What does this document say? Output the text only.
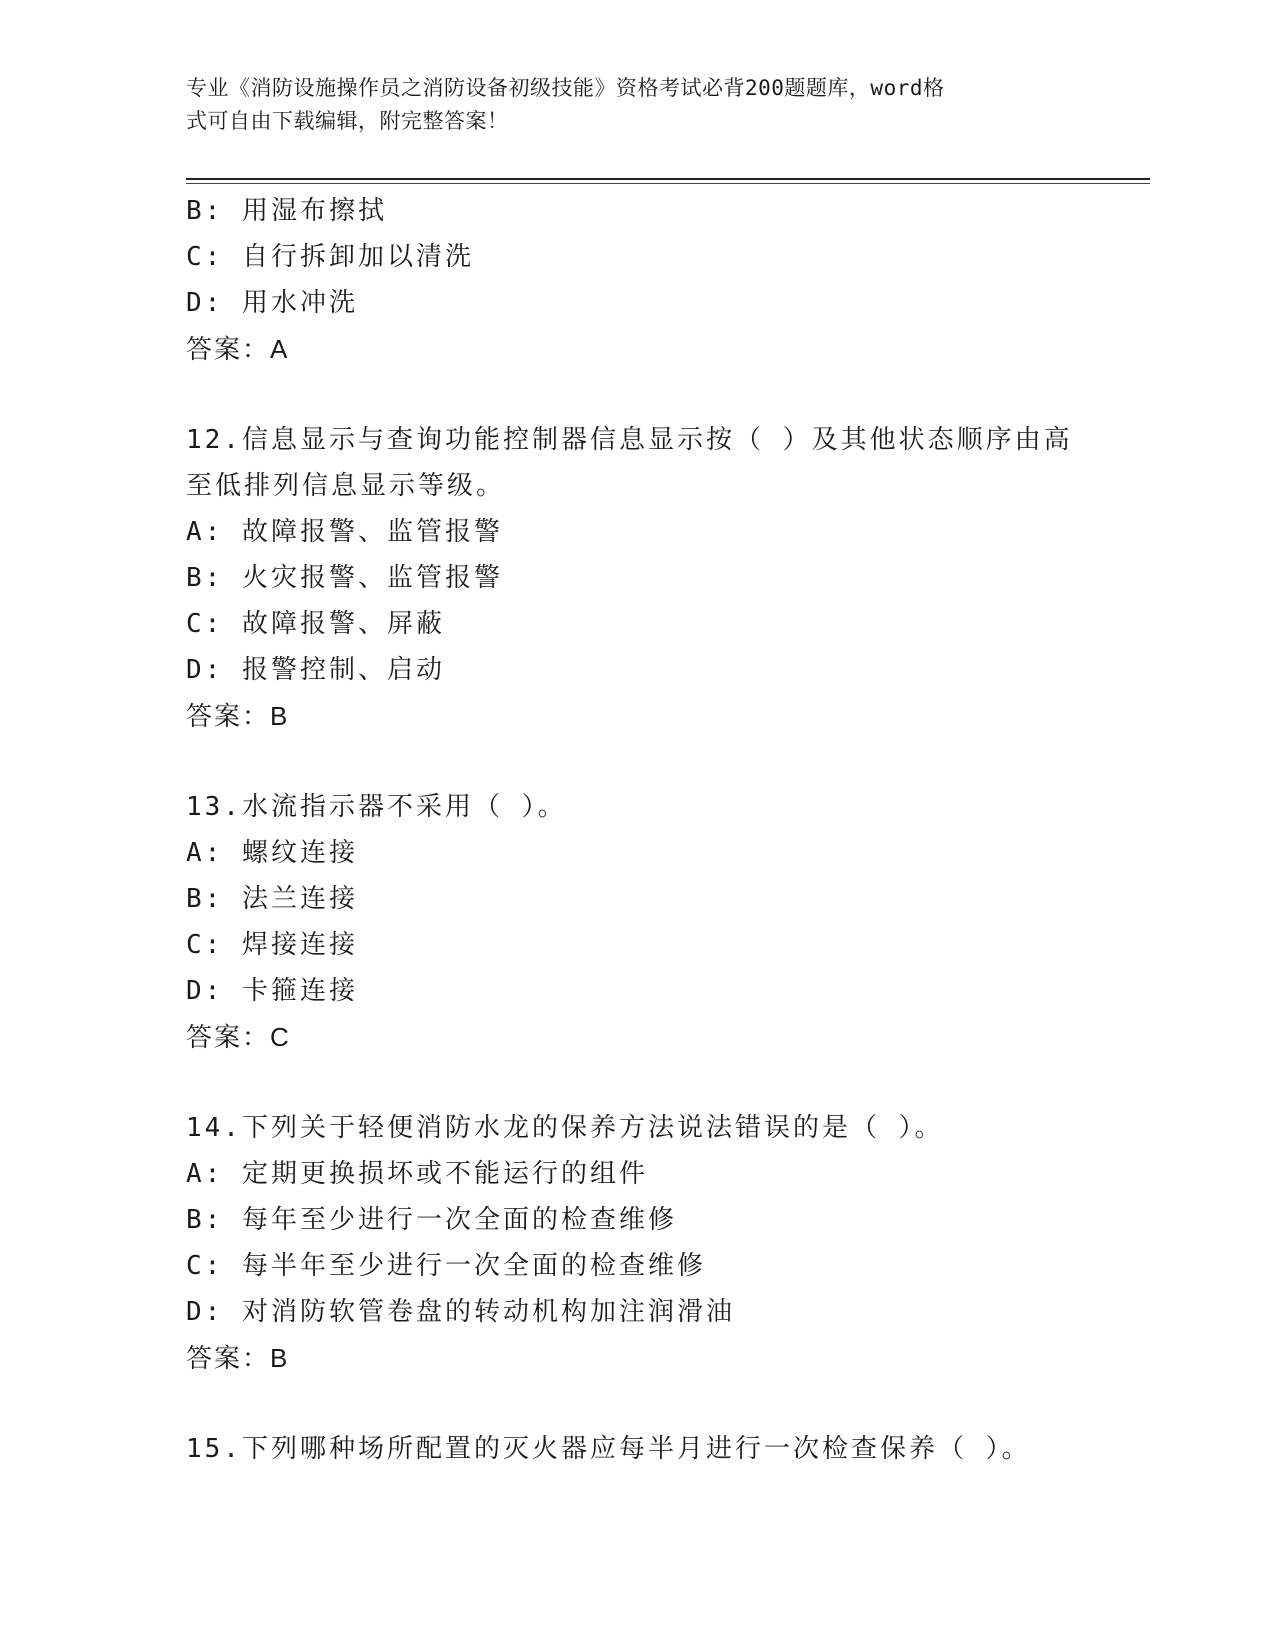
专业《消防设施操作员之消防设备初级技能》资格考试必背200题题库，word格
式可自由下载编辑，附完整答案！
B: 用湿布擦拭
C: 自行拆卸加以清洗
D: 用水冲洗
答案：A
12.信息显示与查询功能控制器信息显示按（ ）及其他状态顺序由高
至低排列信息显示等级。
A: 故障报警、监管报警
B: 火灾报警、监管报警
C: 故障报警、屏蔽
D: 报警控制、启动
答案：B
13.水流指示器不采用（ ）。
A: 螺纹连接
B: 法兰连接
C: 焊接连接
D: 卡箍连接
答案：C
14.下列关于轻便消防水龙的保养方法说法错误的是（ ）。
A: 定期更换损坏或不能运行的组件
B: 每年至少进行一次全面的检查维修
C: 每半年至少进行一次全面的检查维修
D: 对消防软管卷盘的转动机构加注润滑油
答案：B
15.下列哪种场所配置的灭火器应每半月进行一次检查保养（ ）。
